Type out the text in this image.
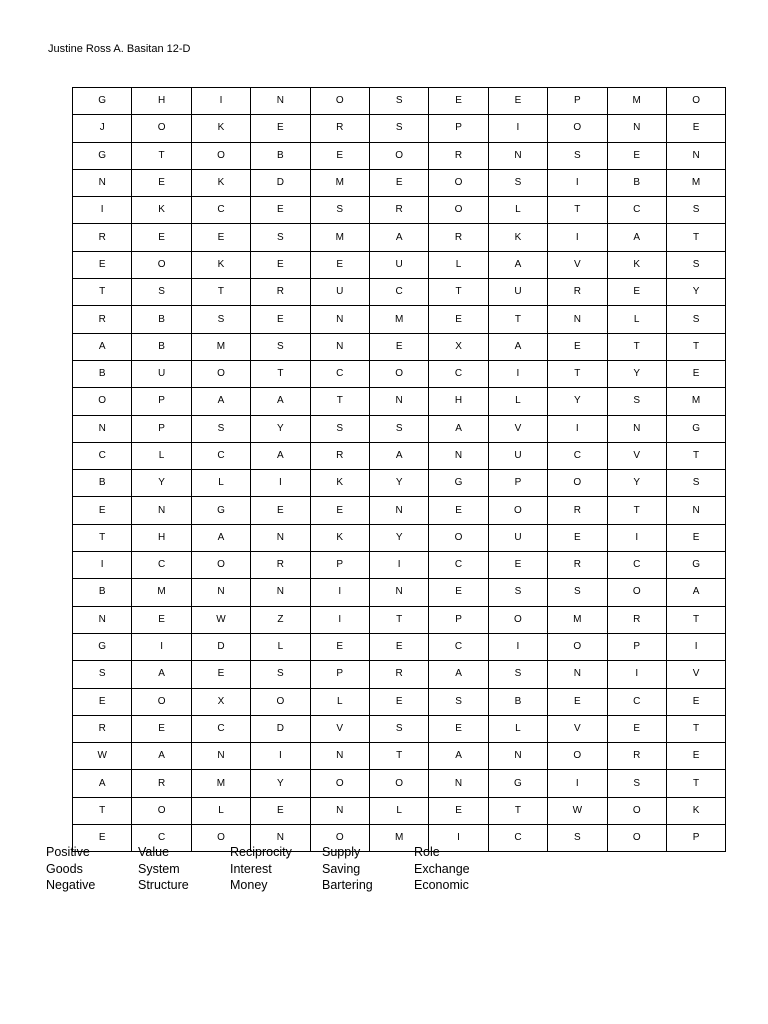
Justine Ross A. Basitan 12-D
G	H	I	N	O	S	E	E	P	M	O
J	O	K	E	R	S	P	I	O	N	E
G	T	O	B	E	O	R	N	S	E	N
N	E	K	D	M	E	O	S	I	B	M
I	K	C	E	S	R	O	L	T	C	S
R	E	E	S	M	A	R	K	I	A	T
E	O	K	E	E	U	L	A	V	K	S
T	S	T	R	U	C	T	U	R	E	Y
R	B	S	E	N	M	E	T	N	L	S
A	B	M	S	N	E	X	A	E	T	T
B	U	O	T	C	O	C	I	T	Y	E
O	P	A	A	T	N	H	L	Y	S	M
N	P	S	Y	S	S	A	V	I	N	G
C	L	C	A	R	A	N	U	C	V	T
B	Y	L	I	K	Y	G	P	O	Y	S
E	N	G	E	E	N	E	O	R	T	N
T	H	A	N	K	Y	O	U	E	I	E
I	C	O	R	P	I	C	E	R	C	G
B	M	N	N	I	N	E	S	S	O	A
N	E	W	Z	I	T	P	O	M	R	T
G	I	D	L	E	E	C	I	O	P	I
S	A	E	S	P	R	A	S	N	I	V
E	O	X	O	L	E	S	B	E	C	E
R	E	C	D	V	S	E	L	V	E	T
W	A	N	I	N	T	A	N	O	R	E
A	R	M	Y	O	O	N	G	I	S	T
T	O	L	E	N	L	E	T	W	O	K
E	C	O	N	O	M	I	C	S	O	P
Positive	Value	Reciprocity	Supply	Role
Goods	System	Interest	Saving	Exchange
Negative	Structure	Money	Bartering	Economic
